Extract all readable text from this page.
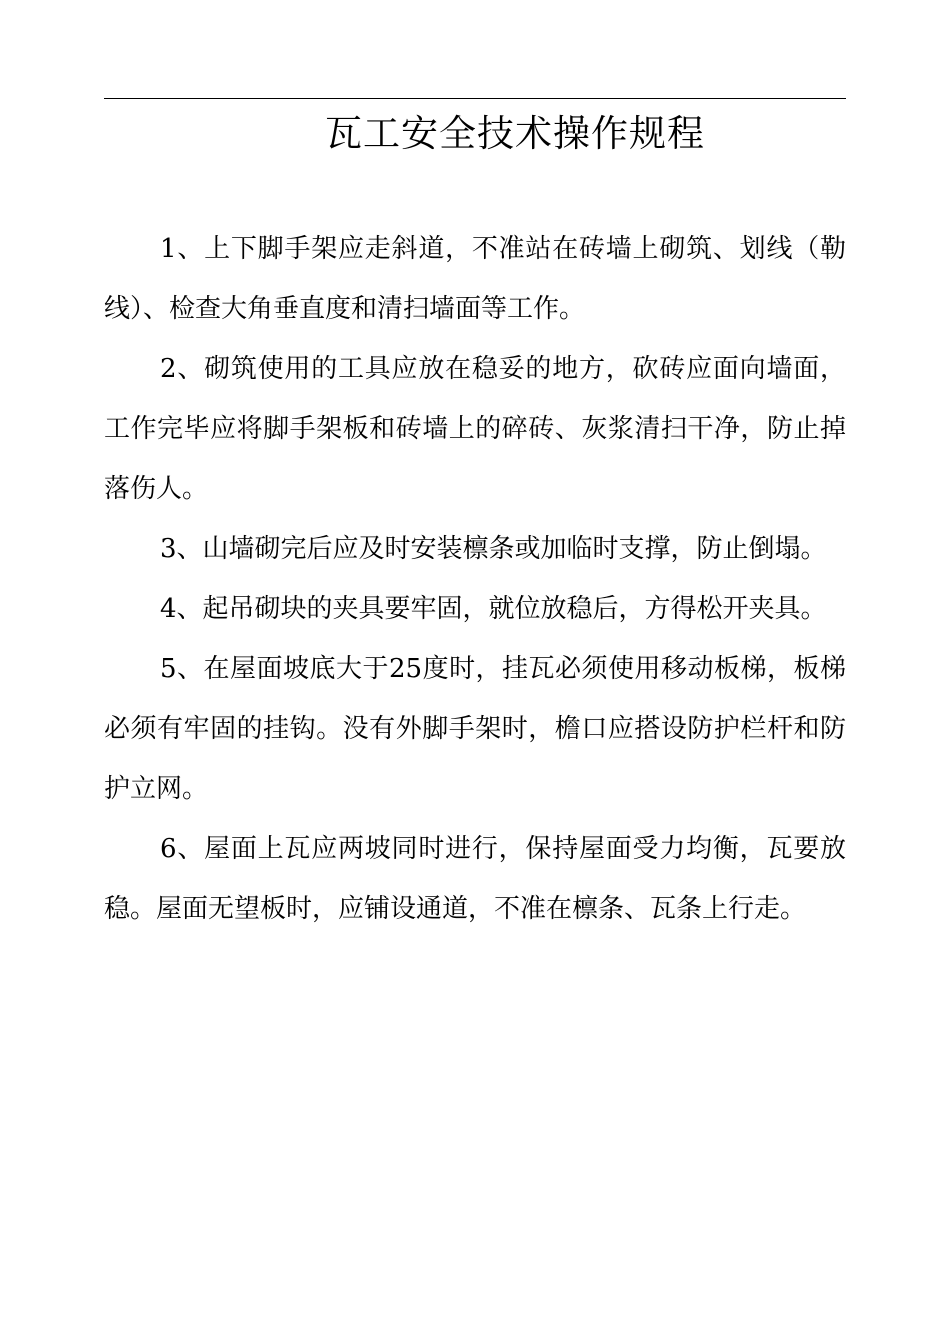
瓦工安全技术操作规程

1、上下脚手架应走斜道，不准站在砖墙上砌筑、划线（勒线）、检查大角垂直度和清扫墙面等工作。

2、砌筑使用的工具应放在稳妥的地方，砍砖应面向墙面，工作完毕应将脚手架板和砖墙上的碎砖、灰浆清扫干净，防止掉落伤人。

3、山墙砌完后应及时安装檩条或加临时支撑，防止倒塌。

4、起吊砌块的夹具要牢固，就位放稳后，方得松开夹具。

5、在屋面坡底大于25度时，挂瓦必须使用移动板梯，板梯必须有牢固的挂钩。没有外脚手架时，檐口应搭设防护栏杆和防护立网。

6、屋面上瓦应两坡同时进行，保持屋面受力均衡，瓦要放稳。屋面无望板时，应铺设通道，不准在檩条、瓦条上行走。
